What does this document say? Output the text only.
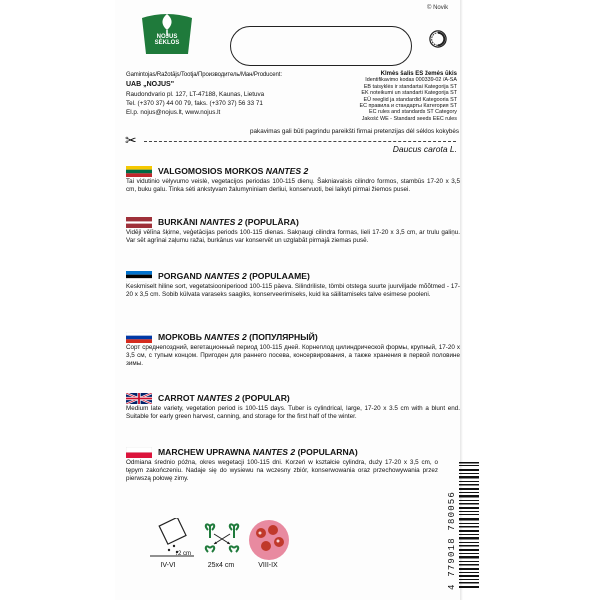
© Novik
NOJUS
SĖKLOS
Gamintojas/Ražotājs/Tootja/Производитель/Maн/Producent:
UAB „NOJUS"
Raudondvario pl. 127, LT-47188, Kaunas, Lietuva
Tel. (+370 37) 44 00 79, faks. (+370 37) 56 33 71
El.p. nojus@nojus.lt, www.nojus.lt
Klmės šalis ES žemės ūkis
Identifikavimo kodas 000339-02 /A-SA
EB taisyklės ir standartai Kategorija ST
EK noteikumi un standarti Kategorija ST
EÜ reeglid ja standardid Kategooria ST
ЕС правила и стандарты Категория ST
EC rules and standards ST Category
Jakość WE - Standard seeds EEC rules
pakavimas gali būti pagrindu pareikšti firmai pretenzijas dėl sėklos kokybės
✂
Daucus carota L.
VALGOMOSIOS MORKOS NANTES 2
Tai vidutinio vėlyvumo veislė, vegetacijos periodas 100-115 dienų. Šakniavaisis cilindro formos, stambūs 17-20 x 3,5 cm, buku galu. Tinka sėti ankstyvam žalumyniniam derliui, konservuoti, bei laikyti pirmai žiemos pusei.
BURKĀNI NANTES 2 (POPULĀRA)
Vidēji vēlīna šķirne, veģetācijas periods 100-115 dienas. Sakņaugi cilindra formas, lieli 17-20 x 3,5 cm, ar trulu galiņu. Var sēt agrīnai zaļumu ražai, burkānus var konservēt un uzglabāt pirmajā ziemas pusē.
PORGAND NANTES 2 (POPULAAME)
Keskmiselt hiline sort, vegetatsiooniperiood 100-115 päeva. Silindriliste, tömbi otstega suurte juurviljade mõõtmed - 17-20 x 3,5 cm. Sobib külvata varaseks saagiks, konserveerimiseks, kuid ka säilitamiseks talve esimese pooleni.
МОРКОВЬ NANTES 2 (ПОПУЛЯРНЫЙ)
Сорт среднепоздний, вегетационный период 100-115 дней. Корнеплод цилиндрической формы, крупный, 17-20 x 3,5 см, с тупым концом. Пригоден для раннего посева, консервирования, а также хранения в первой половине зимы.
CARROT NANTES 2 (POPULAR)
Medium late variety, vegetation period is 100-115 days. Tuber is cylindrical, large, 17-20 x 3.5 cm with a blunt end. Suitable for early green harvest, canning, and storage for the first half of the winter.
MARCHEW UPRAWNA NANTES 2 (POPULARNA)
Odmiana średnio późna, okres wegetacji 100-115 dni. Korzeń w kształcie cylindra, duży 17-20 x 3,5 cm, o tępym zakończeniu. Nadaje się do wysiewu na wczesny zbiór, konserwowania oraz przechowywania przez pierwszą połowę zimy.
↕2 cm
IV-VI	25x4 cm	VIII-IX	4 779018 780056
